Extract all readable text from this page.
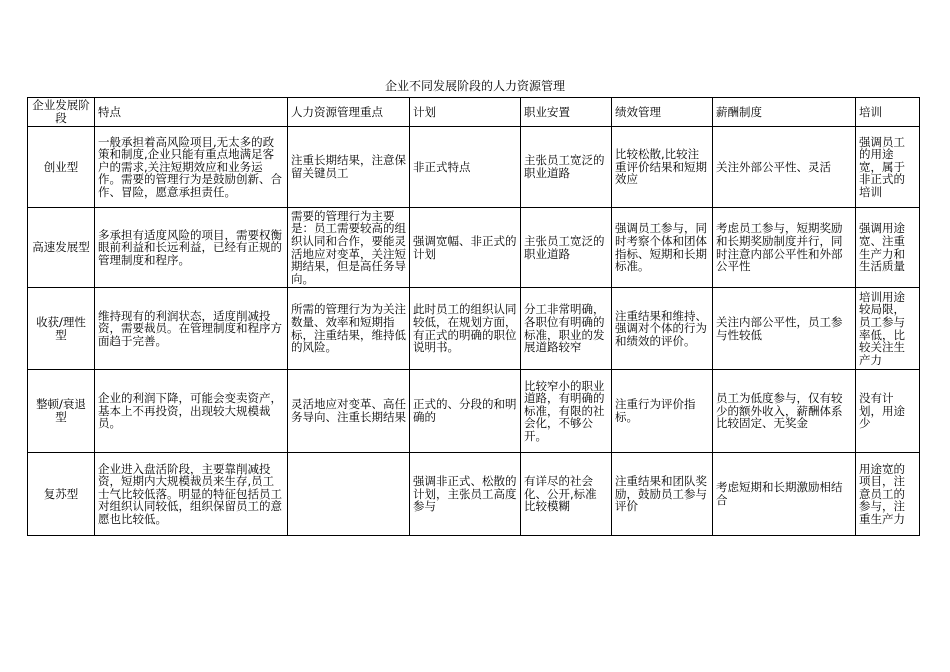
企业不同发展阶段的人力资源管理
企业发展阶段	特点	人力资源管理重点	计划	职业安置	绩效管理	薪酬制度	培训
创业型	一般承担着高风险项目,无太多的政策和制度,企业只能有重点地满足客户的需求,关注短期效应和业务运作。需要的管理行为是鼓励创新、合作、冒险，愿意承担责任。	注重长期结果，注意保留关键员工	非正式特点	主张员工宽泛的职业道路	比较松散,比较注重评价结果和短期效应	关注外部公平性、灵活	强调员工的用途宽，属于非正式的培训
高速发展型	多承担有适度风险的项目，需要权衡眼前利益和长远利益，已经有正规的管理制度和程序。	需要的管理行为主要是：员工需要较高的组织认同和合作，要能灵活地应对变革，关注短期结果，但是高任务导向。	强调宽幅、非正式的计划	主张员工宽泛的职业道路	强调员工参与，同时考察个体和团体指标、短期和长期标准。	考虑员工参与，短期奖励和长期奖励制度并行，同时注意内部公平性和外部公平性	强调用途宽、注重生产力和生活质量
收获/理性型	维持现有的利润状态，适度削减投资，需要裁员。在管理制度和程序方面趋于完善。	所需的管理行为为关注数量、效率和短期指标，注重结果，维持低的风险。	此时员工的组织认同较低，在规划方面，有正式的明确的职位说明书。	分工非常明确，各职位有明确的标准，职业的发展道路较窄	注重结果和维持、强调对个体的行为和绩效的评价。	关注内部公平性，员工参与性较低	培训用途较局限，员工参与率低，比较关注生产力
整顿/衰退型	企业的利润下降，可能会变卖资产，基本上不再投资，出现较大规模裁员。	灵活地应对变革、高任务导向、注重长期结果	正式的、分段的和明确的	比较窄小的职业道路，有明确的标准，有限的社会化，不够公开。	注重行为评价指标。	员工为低度参与，仅有较少的额外收入，薪酬体系比较固定、无奖金	没有计划，用途少
复苏型	企业进入盘活阶段，主要靠削减投资，短期内大规模裁员来生存,员工士气比较低落。明显的特征包括员工对组织认同较低，组织保留员工的意愿也比较低。		强调非正式、松散的计划，主张员工高度参与	有详尽的社会化、公开,标准比较模糊	注重结果和团队奖励，鼓励员工参与评价	考虑短期和长期激励相结合	用途宽的项目，注意员工的参与，注重生产力
